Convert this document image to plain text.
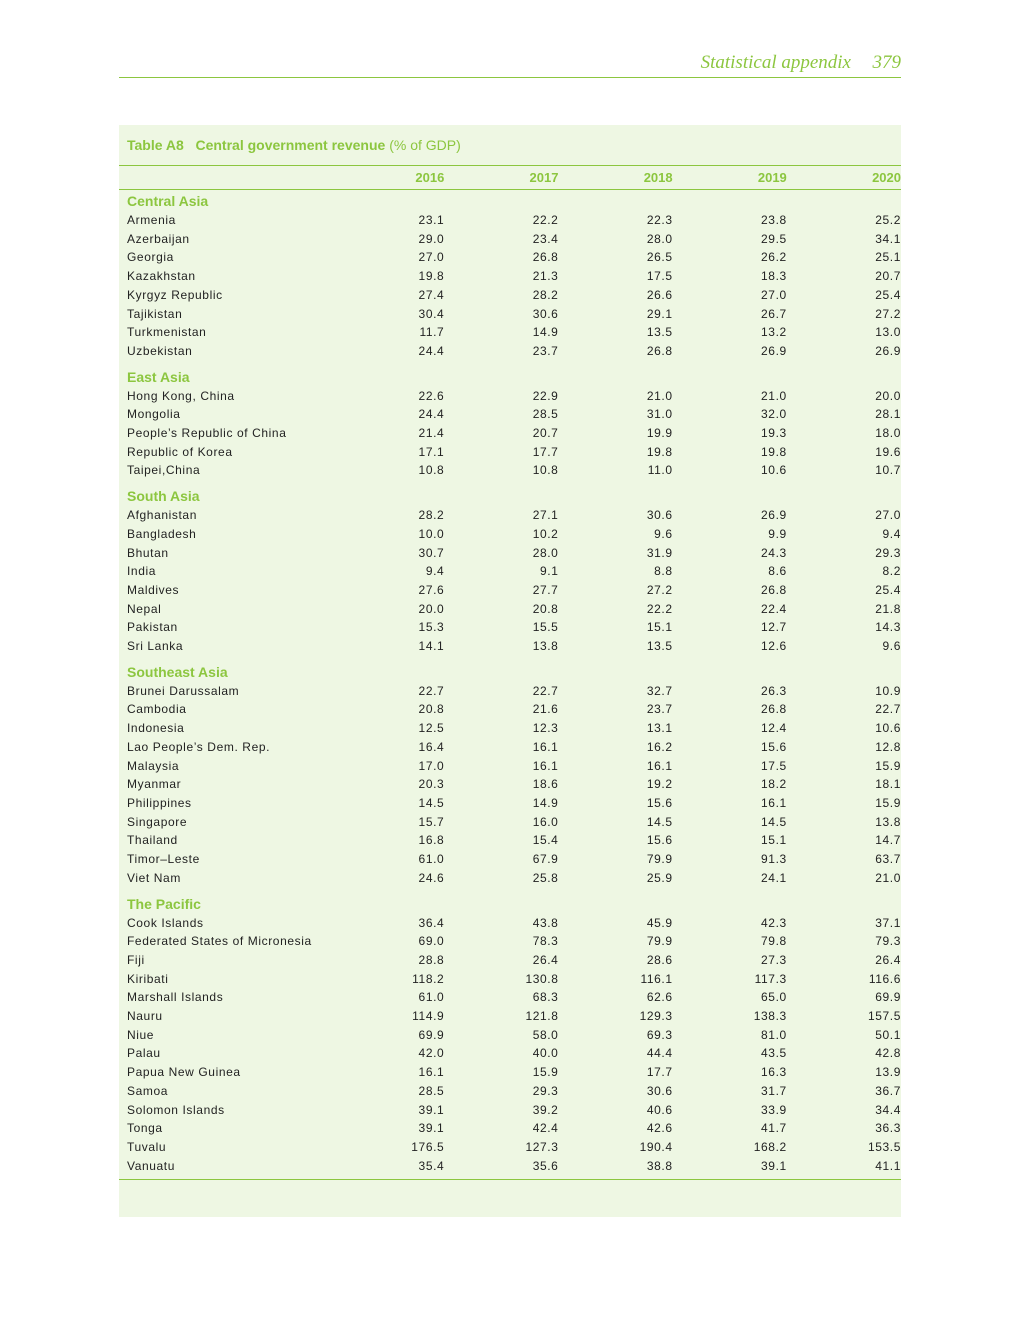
Statistical appendix 379
Table A8 Central government revenue (% of GDP)
	2016		2017		2018		2019		2020
Central Asia									
Armenia	23.1		22.2		22.3		23.8		25.2
Azerbaijan	29.0		23.4		28.0		29.5		34.1
Georgia	27.0		26.8		26.5		26.2		25.1
Kazakhstan	19.8		21.3		17.5		18.3		20.7
Kyrgyz Republic	27.4		28.2		26.6		27.0		25.4
Tajikistan	30.4		30.6		29.1		26.7		27.2
Turkmenistan	11.7		14.9		13.5		13.2		13.0
Uzbekistan	24.4		23.7		26.8		26.9		26.9
East Asia									
Hong Kong, China	22.6		22.9		21.0		21.0		20.0
Mongolia	24.4		28.5		31.0		32.0		28.1
People’s Republic of China	21.4		20.7		19.9		19.3		18.0
Republic of Korea	17.1		17.7		19.8		19.8		19.6
Taipei,China	10.8		10.8		11.0		10.6		10.7
South Asia									
Afghanistan	28.2		27.1		30.6		26.9		27.0
Bangladesh	10.0		10.2		9.6		9.9		9.4
Bhutan	30.7		28.0		31.9		24.3		29.3
India	9.4		9.1		8.8		8.6		8.2
Maldives	27.6		27.7		27.2		26.8		25.4
Nepal	20.0		20.8		22.2		22.4		21.8
Pakistan	15.3		15.5		15.1		12.7		14.3
Sri Lanka	14.1		13.8		13.5		12.6		9.6
Southeast Asia									
Brunei Darussalam	22.7		22.7		32.7		26.3		10.9
Cambodia	20.8		21.6		23.7		26.8		22.7
Indonesia	12.5		12.3		13.1		12.4		10.6
Lao People’s Dem. Rep.	16.4		16.1		16.2		15.6		12.8
Malaysia	17.0		16.1		16.1		17.5		15.9
Myanmar	20.3		18.6		19.2		18.2		18.1
Philippines	14.5		14.9		15.6		16.1		15.9
Singapore	15.7		16.0		14.5		14.5		13.8
Thailand	16.8		15.4		15.6		15.1		14.7
Timor–Leste	61.0		67.9		79.9		91.3		63.7
Viet Nam	24.6		25.8		25.9		24.1		21.0
The Pacific									
Cook Islands	36.4		43.8		45.9		42.3		37.1
Federated States of Micronesia	69.0		78.3		79.9		79.8		79.3
Fiji	28.8		26.4		28.6		27.3		26.4
Kiribati	118.2		130.8		116.1		117.3		116.6
Marshall Islands	61.0		68.3		62.6		65.0		69.9
Nauru	114.9		121.8		129.3		138.3		157.5
Niue	69.9		58.0		69.3		81.0		50.1
Palau	42.0		40.0		44.4		43.5		42.8
Papua New Guinea	16.1		15.9		17.7		16.3		13.9
Samoa	28.5		29.3		30.6		31.7		36.7
Solomon Islands	39.1		39.2		40.6		33.9		34.4
Tonga	39.1		42.4		42.6		41.7		36.3
Tuvalu	176.5		127.3		190.4		168.2		153.5
Vanuatu	35.4		35.6		38.8		39.1		41.1
